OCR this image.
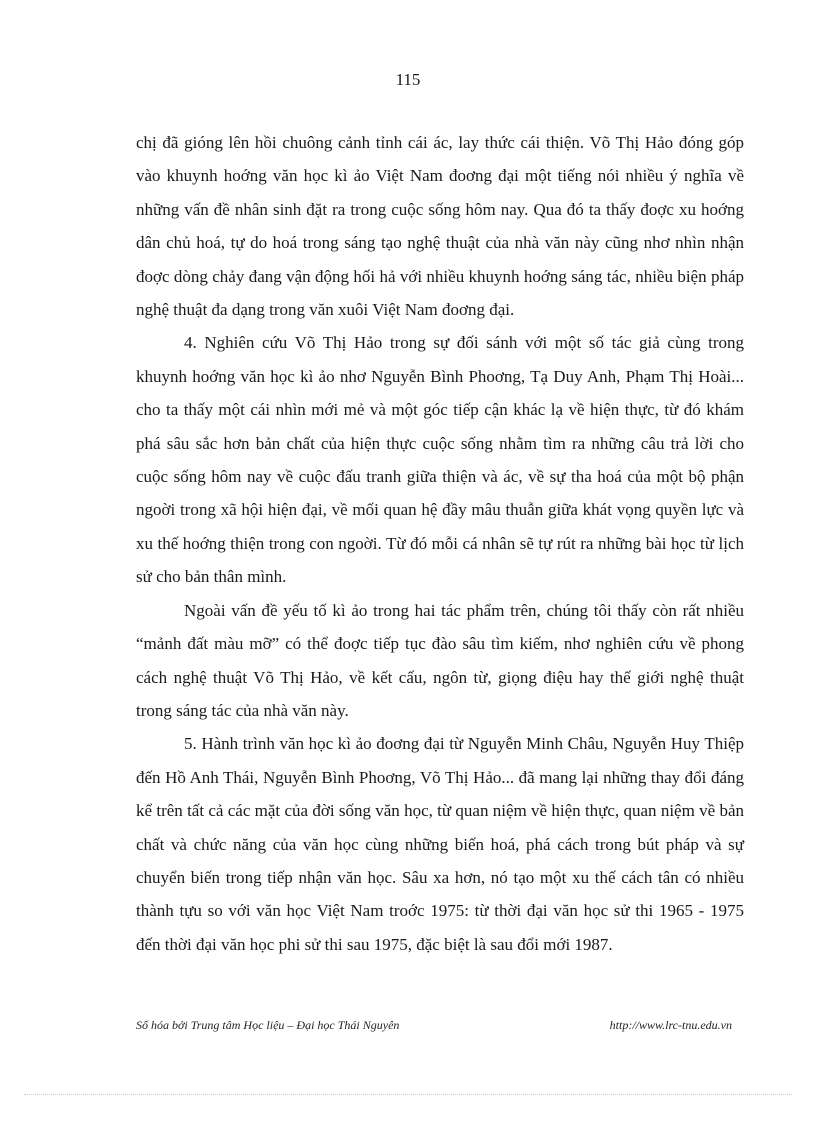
115

chị đã gióng lên hồi chuông cảnh tỉnh cái ác, lay thức cái thiện. Võ Thị Hảo đóng góp vào khuynh hoớng văn học kì ảo Việt Nam đoơng đại một tiếng nói nhiều ý nghĩa về những vấn đề nhân sinh đặt ra trong cuộc sống hôm nay. Qua đó ta thấy đoợc xu hoớng dân chủ hoá, tự do hoá trong sáng tạo nghệ thuật của nhà văn này cũng nhơ nhìn nhận đoợc dòng chảy đang vận động hối hả với nhiều khuynh hoớng sáng tác, nhiều biện pháp nghệ thuật đa dạng trong văn xuôi Việt Nam đoơng đại.

4. Nghiên cứu Võ Thị Hảo trong sự đối sánh với một số tác giả cùng trong khuynh hoớng văn học kì ảo nhơ Nguyễn Bình Phoơng, Tạ Duy Anh, Phạm Thị Hoài... cho ta thấy một cái nhìn mới mẻ và một góc tiếp cận khác lạ về hiện thực, từ đó khám phá sâu sắc hơn bản chất của hiện thực cuộc sống nhằm tìm ra những câu trả lời cho cuộc sống hôm nay về cuộc đấu tranh giữa thiện và ác, về sự tha hoá của một bộ phận ngoời trong xã hội hiện đại, về mối quan hệ đầy mâu thuẫn giữa khát vọng quyền lực và xu thế hoớng thiện trong con ngoời. Từ đó mỗi cá nhân sẽ tự rút ra những bài học từ lịch sử cho bản thân mình.

Ngoài vấn đề yếu tố kì ảo trong hai tác phẩm trên, chúng tôi thấy còn rất nhiều “mảnh đất màu mỡ” có thể đoợc tiếp tục đào sâu tìm kiếm, nhơ nghiên cứu về phong cách nghệ thuật Võ Thị Hảo, về kết cấu, ngôn từ, giọng điệu hay thế giới nghệ thuật trong sáng tác của nhà văn này.

5. Hành trình văn học kì ảo đoơng đại từ Nguyễn Minh Châu, Nguyễn Huy Thiệp đến Hồ Anh Thái, Nguyễn Bình Phoơng, Võ Thị Hảo... đã mang lại những thay đổi đáng kể trên tất cả các mặt của đời sống văn học, từ quan niệm về hiện thực, quan niệm về bản chất và chức năng của văn học cùng những biến hoá, phá cách trong bút pháp và sự chuyển biến trong tiếp nhận văn học. Sâu xa hơn, nó tạo một xu thế cách tân có nhiều thành tựu so với văn học Việt Nam troớc 1975: từ thời đại văn học sử thi 1965 - 1975 đến thời đại văn học phi sử thi sau 1975, đặc biệt là sau đổi mới 1987.

Số hóa bởi Trung tâm Học liệu – Đại học Thái Nguyên	http://www.lrc-tnu.edu.vn
